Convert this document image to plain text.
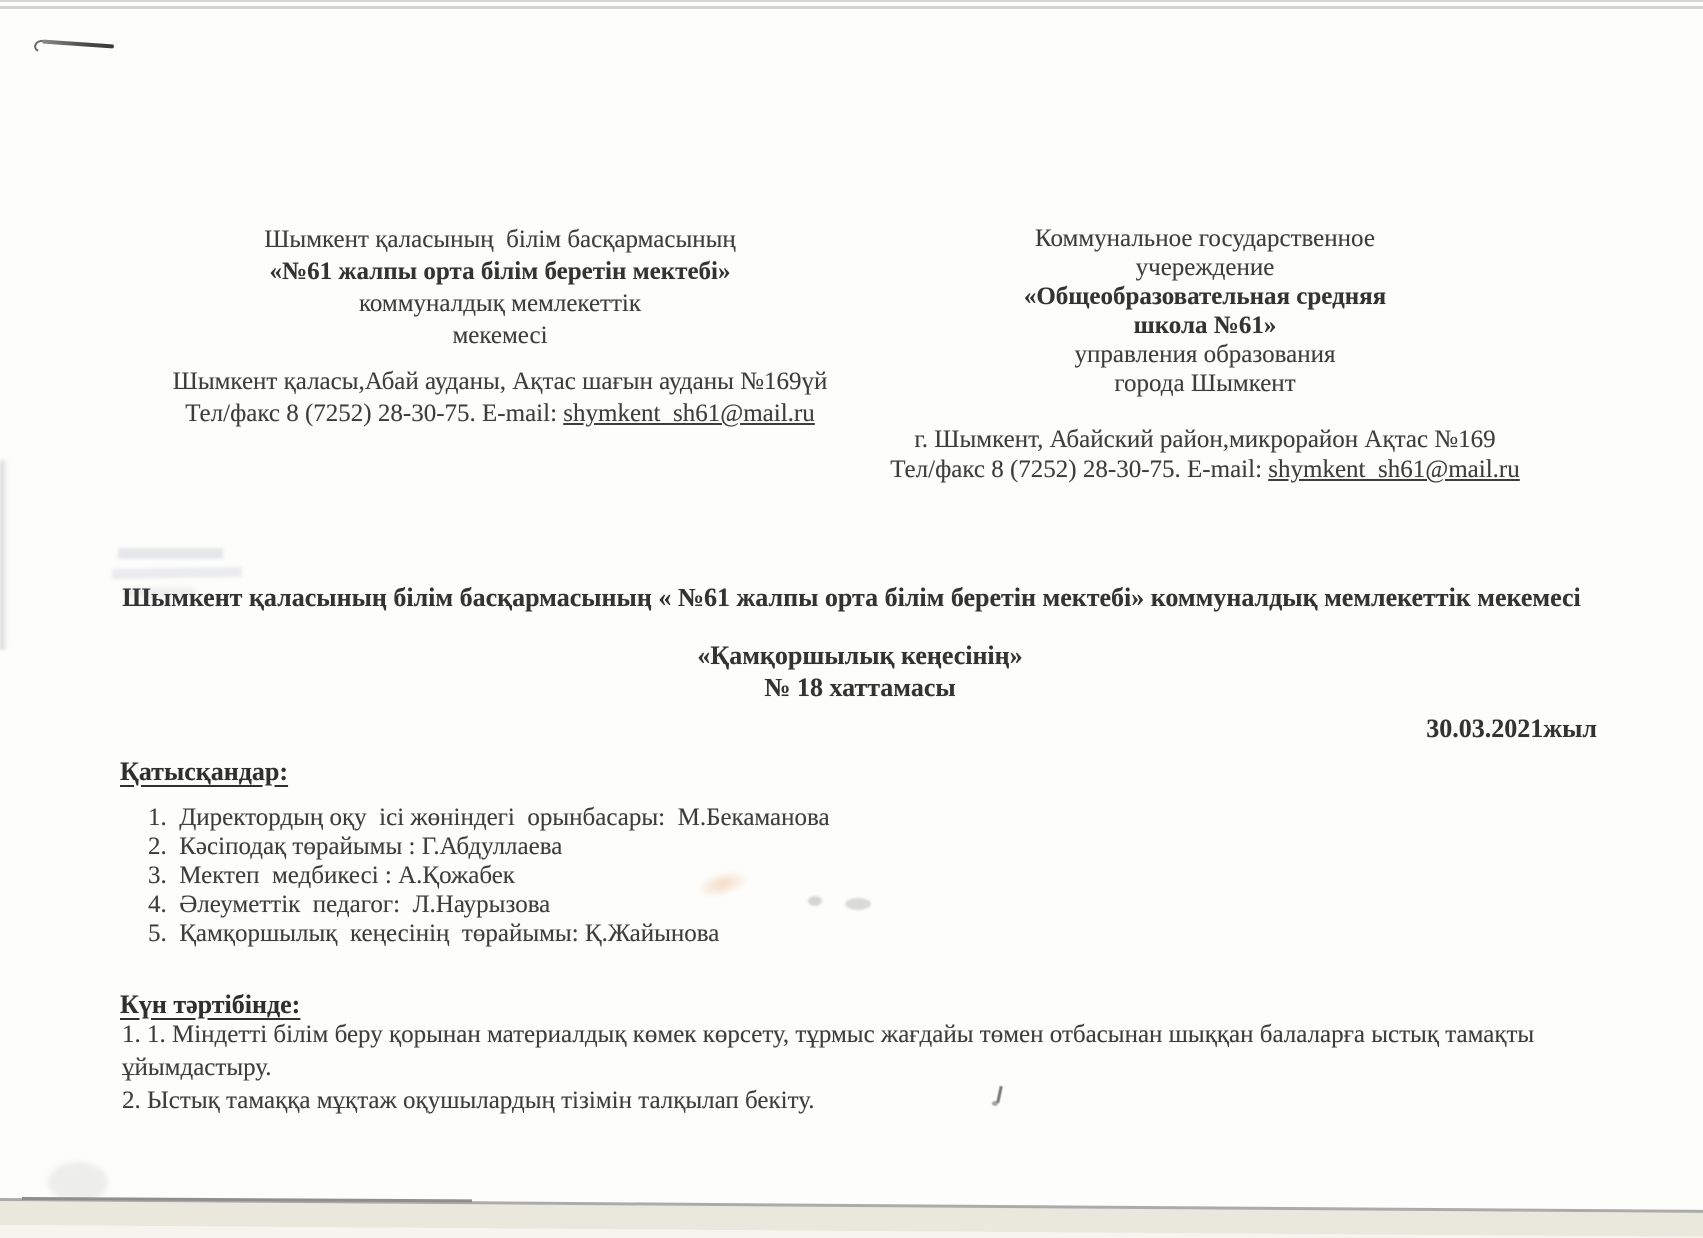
Шымкент қаласының  білім басқармасының
«№61 жалпы орта білім беретін мектебі»
коммуналдық мемлекеттік
мекемесі
Шымкент қаласы,Абай ауданы, Ақтас шағын ауданы №169үй
Тел/факс 8 (7252) 28-30-75. E-mail: shymkent_sh61@mail.ru
Коммунальное государственное
учереждение
«Общеобразовательная средняя
школа №61»
управления образования
города Шымкент
г. Шымкент, Абайский район,микрорайон Ақтас №169
Тел/факс 8 (7252) 28-30-75. E-mail: shymkent_sh61@mail.ru
Шымкент қаласының білім басқармасының « №61 жалпы орта білім беретін мектебі» коммуналдық мемлекеттік мекемесі
«Қамқоршылық кеңесінің»
№ 18 хаттамасы
30.03.2021жыл
Қатысқандар:
1.  Директордың оқу  ісі жөніндегі  орынбасары:  М.Бекаманова
2.  Кәсіподақ төрайымы : Г.Абдуллаева
3.  Мектеп  медбикесі : А.Қожабек
4.  Әлеуметтік  педагог:  Л.Наурызова
5.  Қамқоршылық  кеңесінің  төрайымы: Қ.Жайынова
Күн тәртібінде:
1. 1. Міндетті білім беру қорынан материалдық көмек көрсету, тұрмыс жағдайы төмен отбасынан шыққан балаларға ыстық тамақты ұйымдастыру.
2. Ыстық тамаққа мұқтаж оқушылардың тізімін талқылап бекіту.
